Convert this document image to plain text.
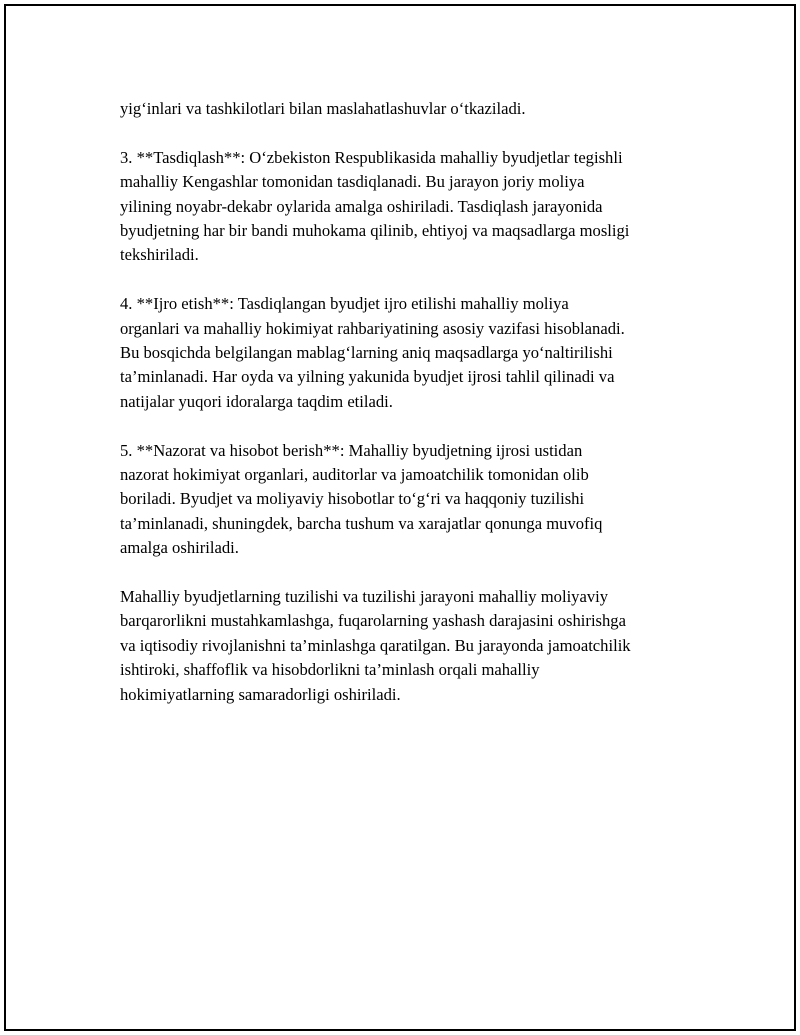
yig‘inlari va tashkilotlari bilan maslahatlashuvlar o‘tkaziladi.

3. **Tasdiqlash**: O‘zbekiston Respublikasida mahalliy byudjetlar tegishli
mahalliy Kengashlar tomonidan tasdiqlanadi. Bu jarayon joriy moliya
yilining noyabr-dekabr oylarida amalga oshiriladi. Tasdiqlash jarayonida
byudjetning har bir bandi muhokama qilinib, ehtiyoj va maqsadlarga mosligi
tekshiriladi.

4. **Ijro etish**: Tasdiqlangan byudjet ijro etilishi mahalliy moliya
organlari va mahalliy hokimiyat rahbariyatining asosiy vazifasi hisoblanadi.
Bu bosqichda belgilangan mablag‘larning aniq maqsadlarga yo‘naltirilishi
ta’minlanadi. Har oyda va yilning yakunida byudjet ijrosi tahlil qilinadi va
natijalar yuqori idoralarga taqdim etiladi.

5. **Nazorat va hisobot berish**: Mahalliy byudjetning ijrosi ustidan
nazorat hokimiyat organlari, auditorlar va jamoatchilik tomonidan olib
boriladi. Byudjet va moliyaviy hisobotlar to‘g‘ri va haqqoniy tuzilishi
ta’minlanadi, shuningdek, barcha tushum va xarajatlar qonunga muvofiq
amalga oshiriladi.

Mahalliy byudjetlarning tuzilishi va tuzilishi jarayoni mahalliy moliyaviy
barqarorlikni mustahkamlashga, fuqarolarning yashash darajasini oshirishga
va iqtisodiy rivojlanishni ta’minlashga qaratilgan. Bu jarayonda jamoatchilik
ishtiroki, shaffoflik va hisobdorlikni ta’minlash orqali mahalliy
hokimiyatlarning samaradorligi oshiriladi.
